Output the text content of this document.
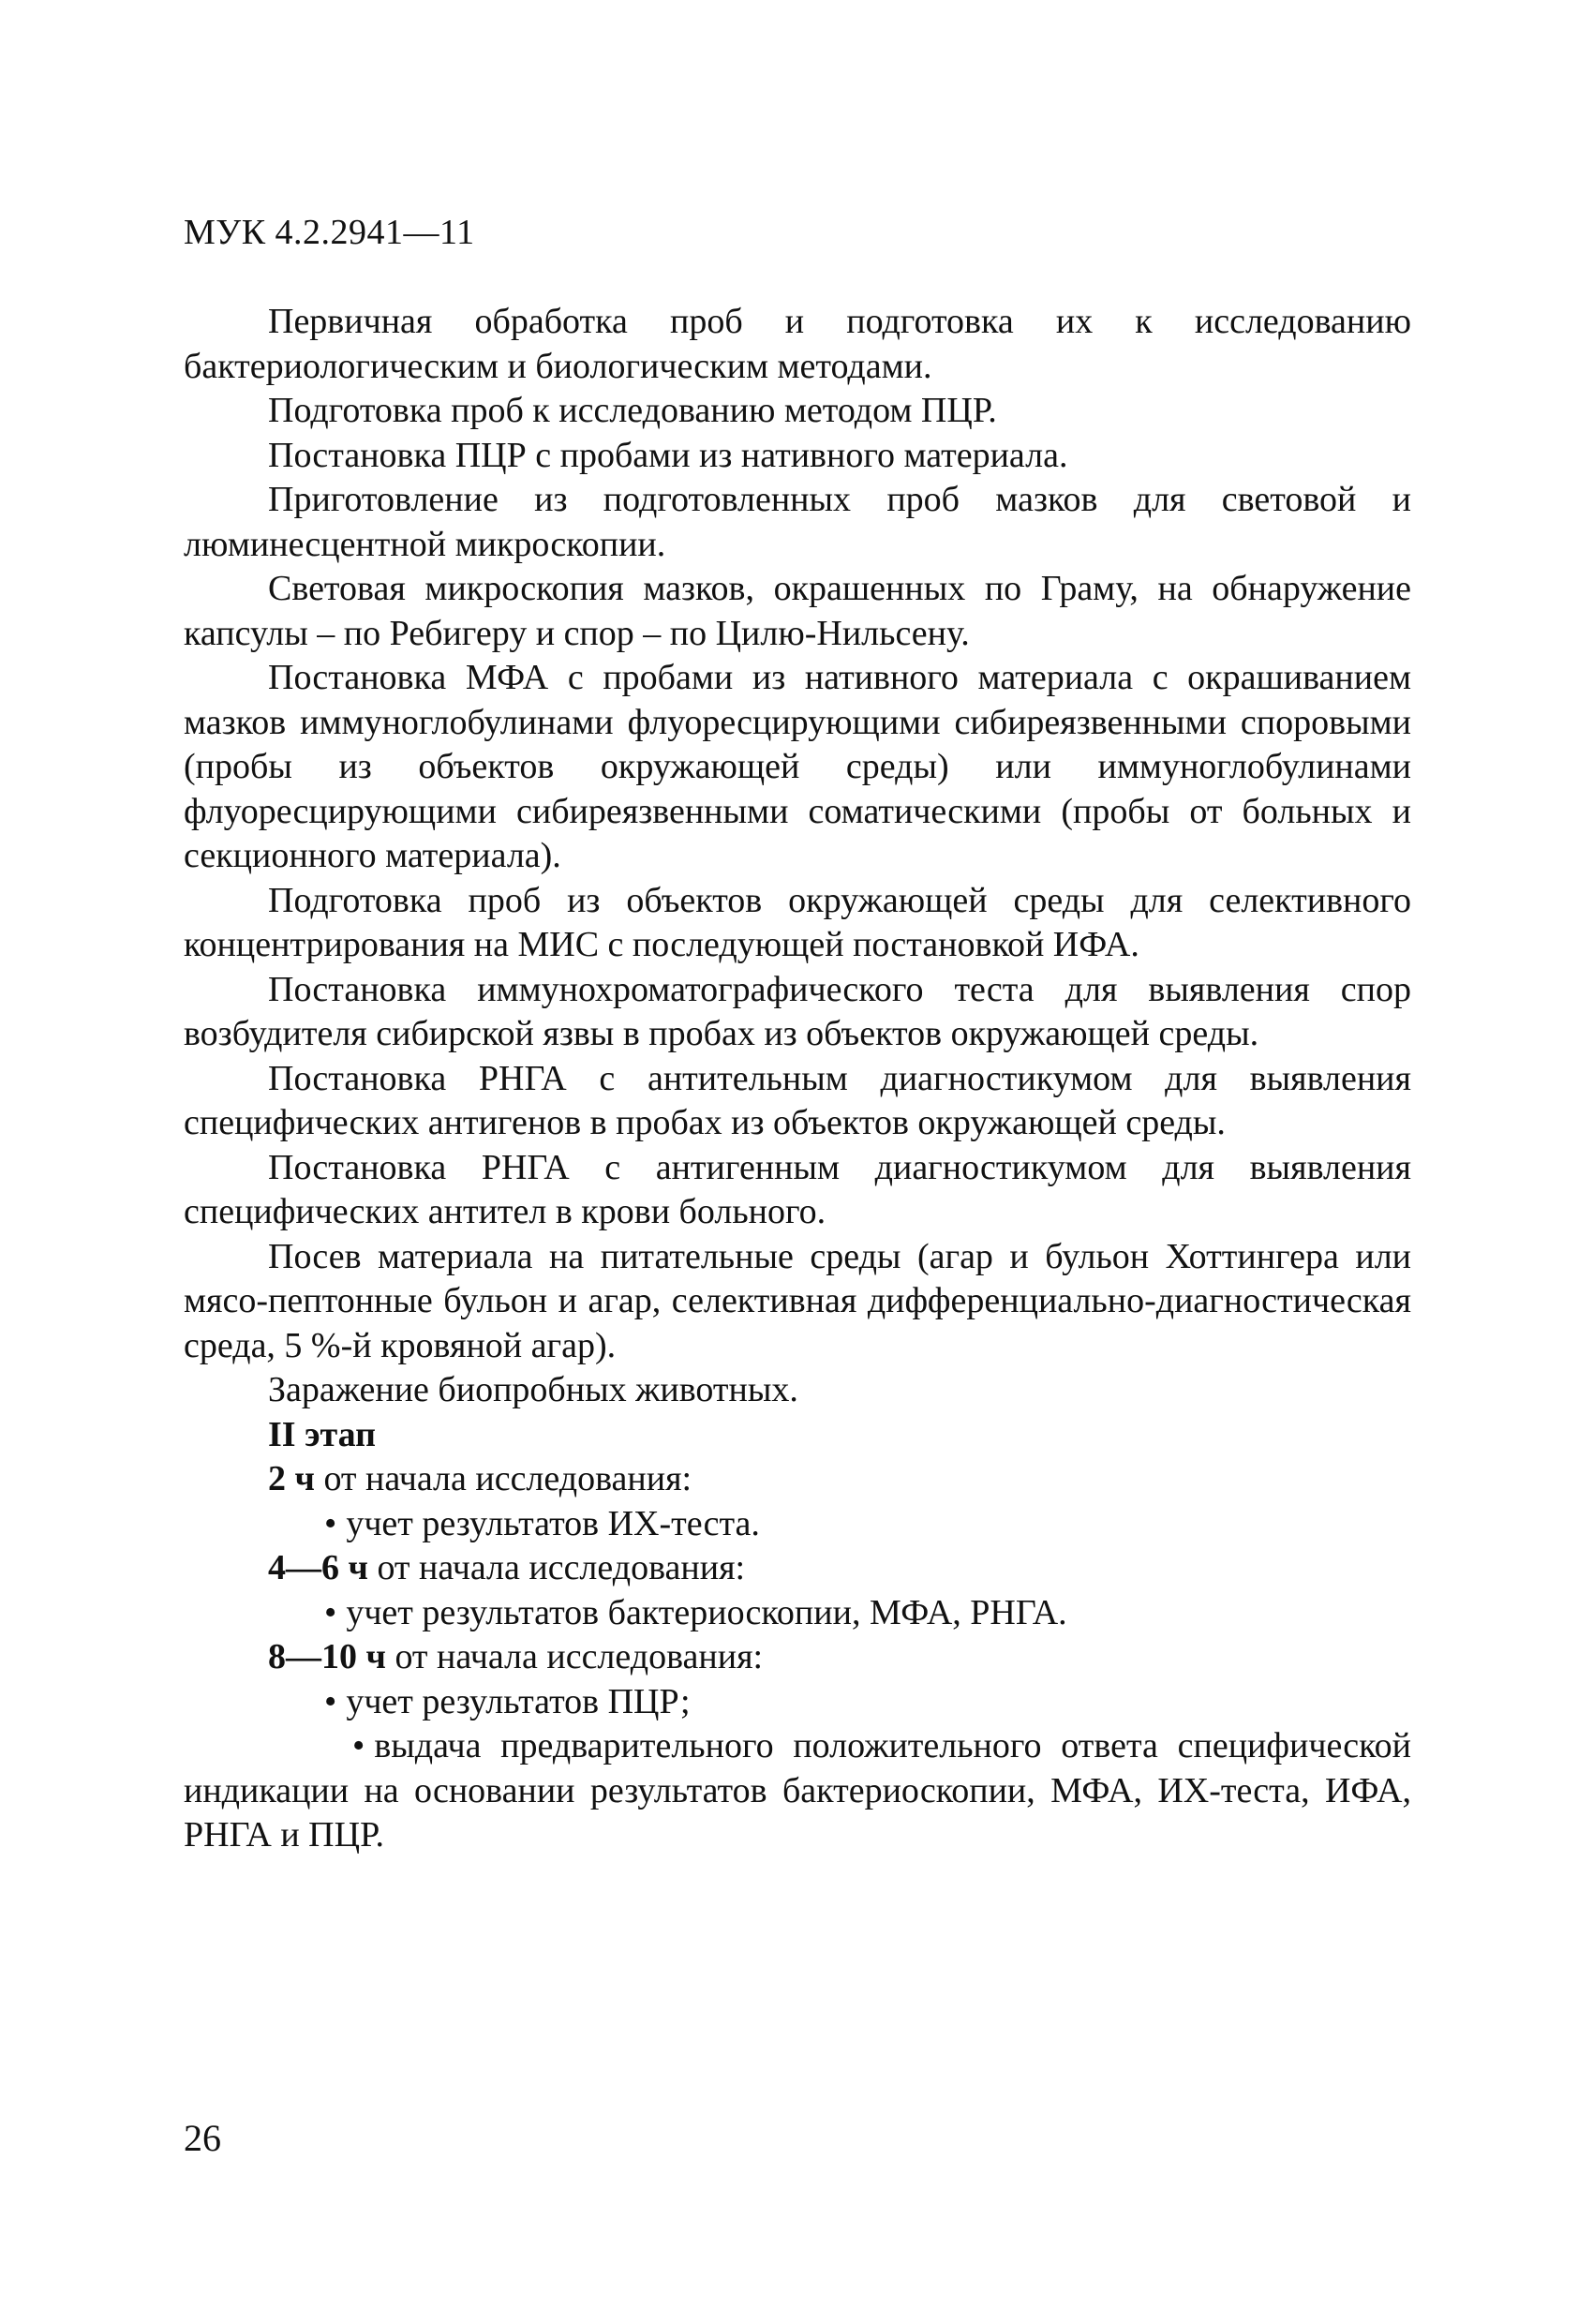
МУК 4.2.2941—11

Первичная обработка проб и подготовка их к исследованию бактериологическим и биологическим методами.

Подготовка проб к исследованию методом ПЦР.

Постановка ПЦР с пробами из нативного материала.

Приготовление из подготовленных проб мазков для световой и люминесцентной микроскопии.

Световая микроскопия мазков, окрашенных по Граму, на обнаружение капсулы – по Ребигеру и спор – по Цилю-Нильсену.

Постановка МФА с пробами из нативного материала с окрашиванием мазков иммуноглобулинами флуоресцирующими сибиреязвенными споровыми (пробы из объектов окружающей среды) или иммуноглобулинами флуоресцирующими сибиреязвенными соматическими (пробы от больных и секционного материала).

Подготовка проб из объектов окружающей среды для селективного концентрирования на МИС с последующей постановкой ИФА.

Постановка иммунохроматографического теста для выявления спор возбудителя сибирской язвы в пробах из объектов окружающей среды.

Постановка РНГА с антительным диагностикумом для выявления специфических антигенов в пробах из объектов окружающей среды.

Постановка РНГА с антигенным диагностикумом для выявления специфических антител в крови больного.

Посев материала на питательные среды (агар и бульон Хоттингера или мясо-пептонные бульон и агар, селективная дифференциально-диагностическая среда, 5 %-й кровяной агар).

Заражение биопробных животных.

II этап
2 ч от начала исследования:
• учет результатов ИХ-теста.
4—6 ч от начала исследования:
• учет результатов бактериоскопии, МФА, РНГА.
8—10 ч от начала исследования:
• учет результатов ПЦР;

• выдача предварительного положительного ответа специфической индикации на основании результатов бактериоскопии, МФА, ИХ-теста, ИФА, РНГА и ПЦР.

26
